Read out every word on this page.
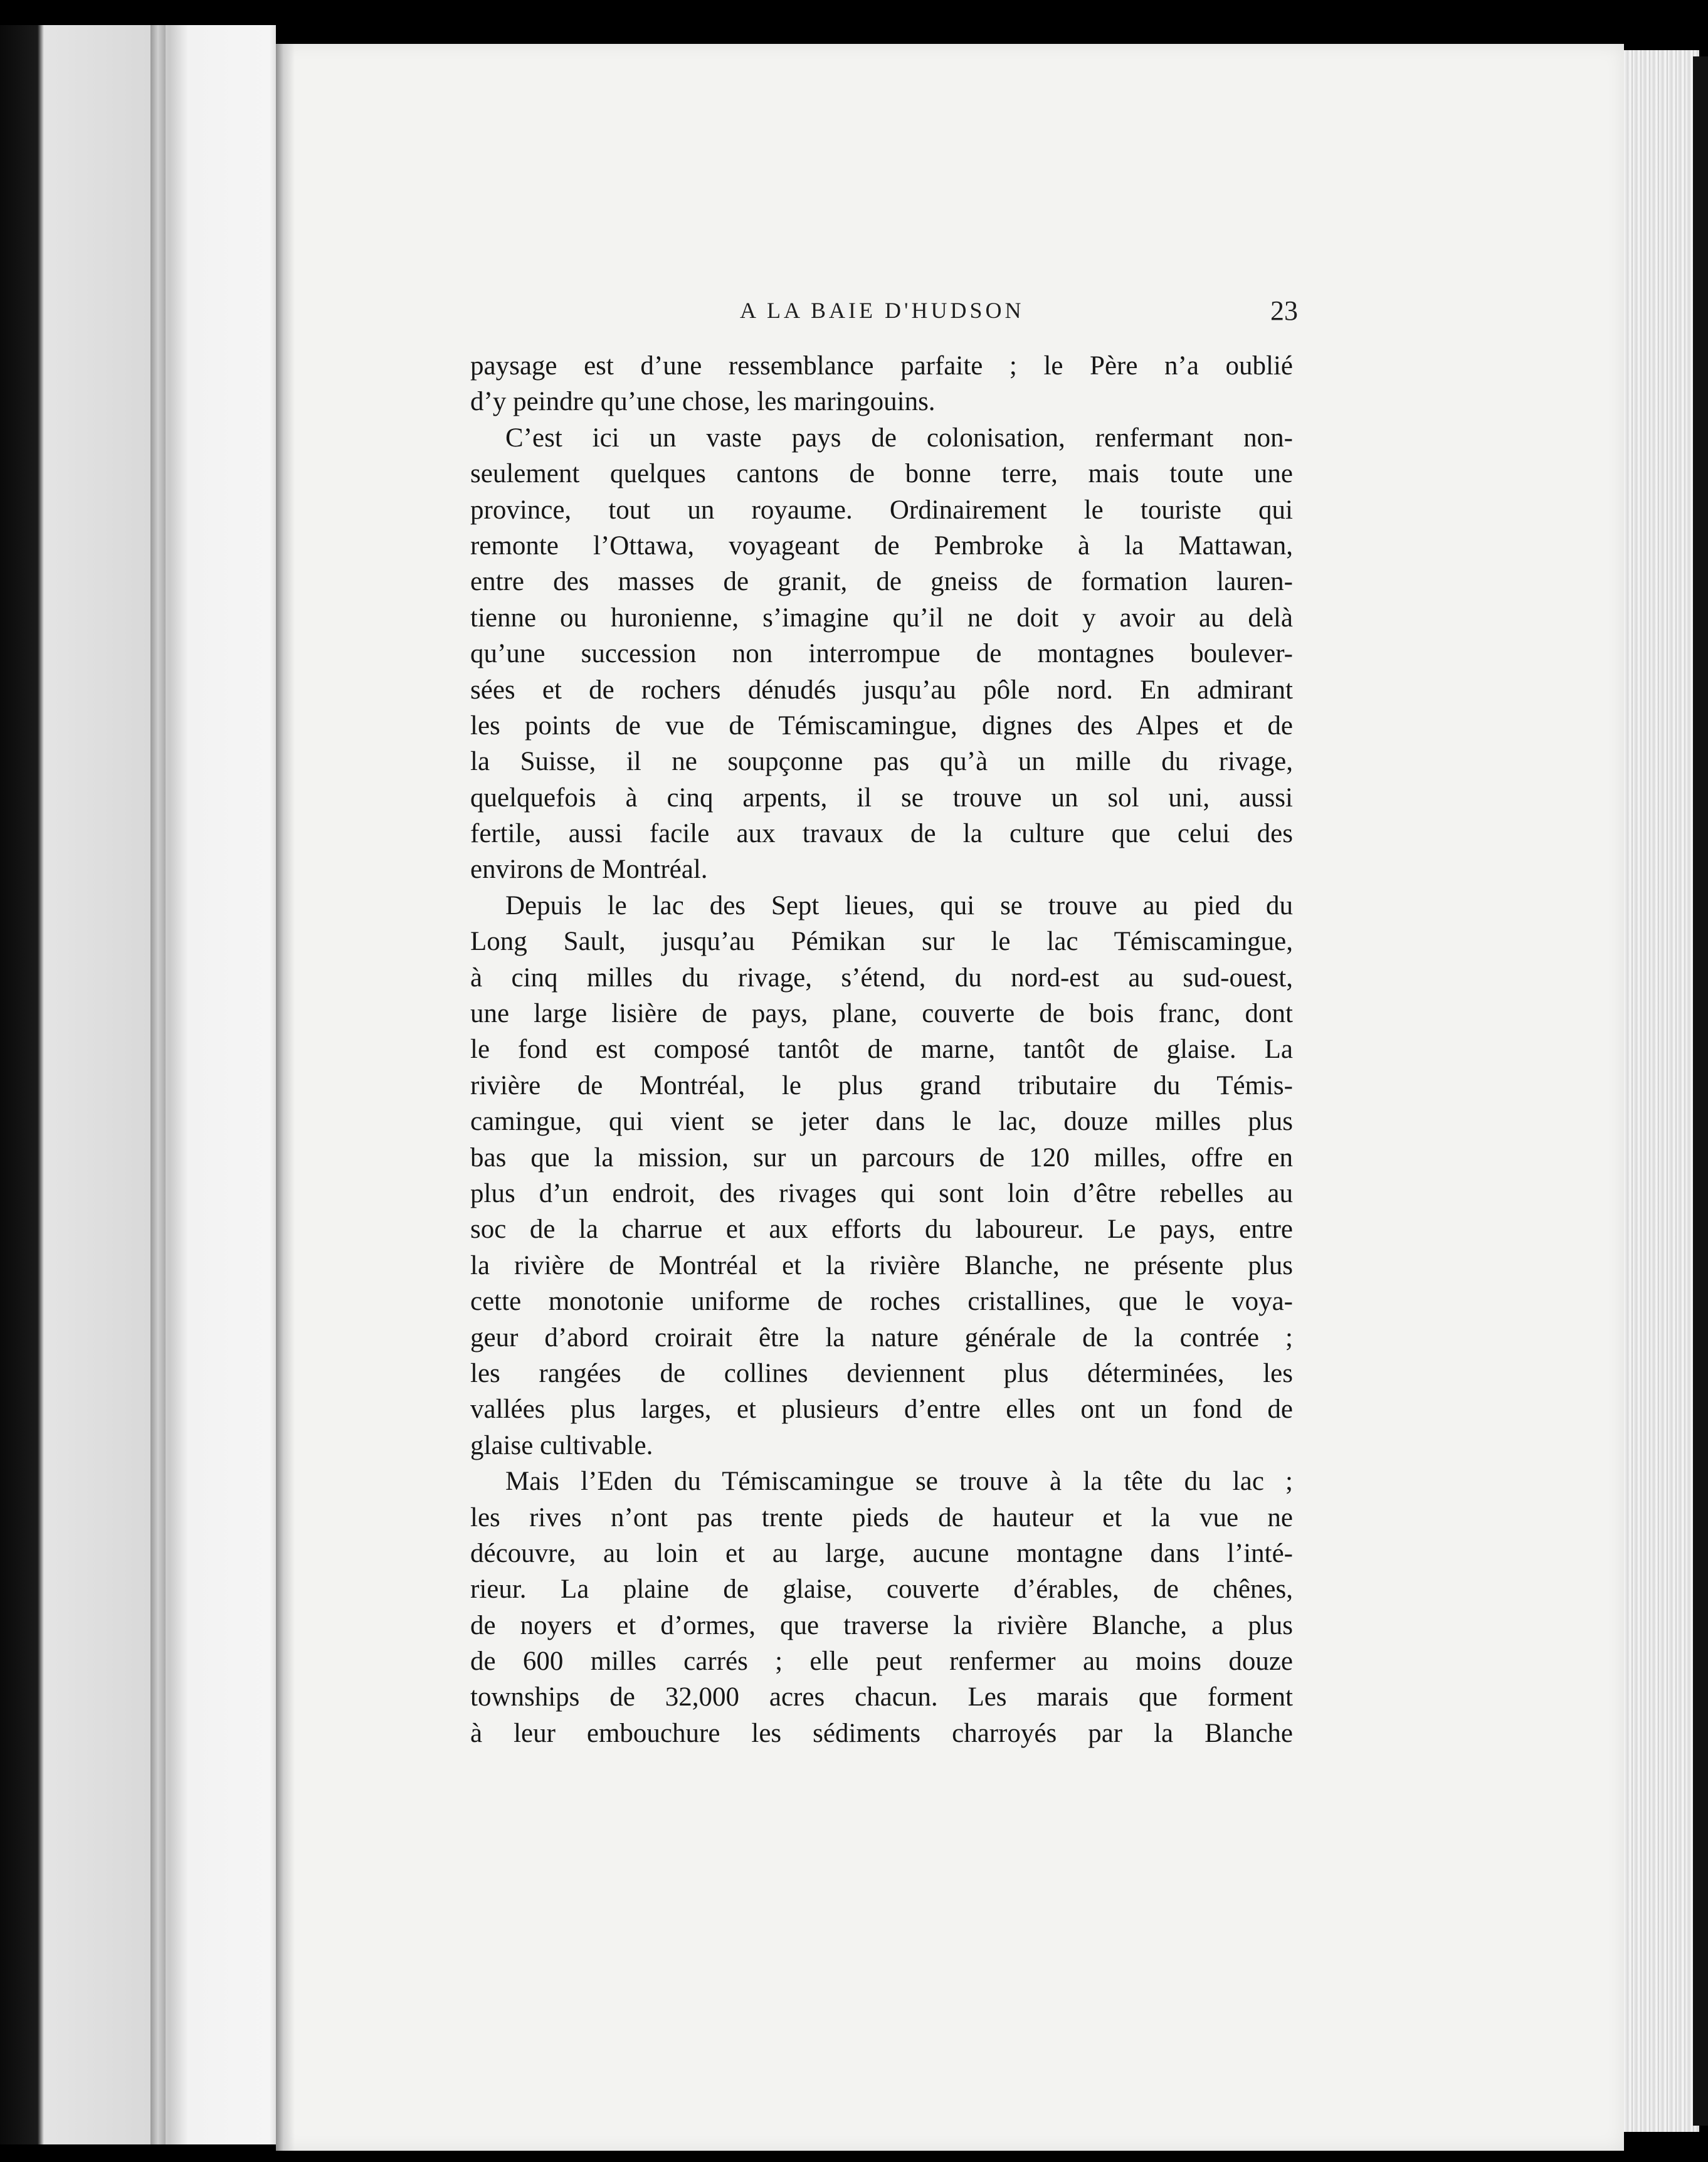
A LA BAIE D'HUDSON	23
paysage est d’une ressemblance parfaite ; le Père n’a oublié
d’y peindre qu’une chose, les maringouins.
C’est ici un vaste pays de colonisation, renfermant non-
seulement quelques cantons de bonne terre, mais toute une
province, tout un royaume. Ordinairement le touriste qui
remonte l’Ottawa, voyageant de Pembroke à la Mattawan,
entre des masses de granit, de gneiss de formation lauren-
tienne ou huronienne, s’imagine qu’il ne doit y avoir au delà
qu’une succession non interrompue de montagnes boulever-
sées et de rochers dénudés jusqu’au pôle nord. En admirant
les points de vue de Témiscamingue, dignes des Alpes et de
la Suisse, il ne soupçonne pas qu’à un mille du rivage,
quelquefois à cinq arpents, il se trouve un sol uni, aussi
fertile, aussi facile aux travaux de la culture que celui des
environs de Montréal.
Depuis le lac des Sept lieues, qui se trouve au pied du
Long Sault, jusqu’au Pémikan sur le lac Témiscamingue,
à cinq milles du rivage, s’étend, du nord-est au sud-ouest,
une large lisière de pays, plane, couverte de bois franc, dont
le fond est composé tantôt de marne, tantôt de glaise. La
rivière de Montréal, le plus grand tributaire du Témis-
camingue, qui vient se jeter dans le lac, douze milles plus
bas que la mission, sur un parcours de 120 milles, offre en
plus d’un endroit, des rivages qui sont loin d’être rebelles au
soc de la charrue et aux efforts du laboureur. Le pays, entre
la rivière de Montréal et la rivière Blanche, ne présente plus
cette monotonie uniforme de roches cristallines, que le voya-
geur d’abord croirait être la nature générale de la contrée ;
les rangées de collines deviennent plus déterminées, les
vallées plus larges, et plusieurs d’entre elles ont un fond de
glaise cultivable.
Mais l’Eden du Témiscamingue se trouve à la tête du lac ;
les rives n’ont pas trente pieds de hauteur et la vue ne
découvre, au loin et au large, aucune montagne dans l’inté-
rieur. La plaine de glaise, couverte d’érables, de chênes,
de noyers et d’ormes, que traverse la rivière Blanche, a plus
de 600 milles carrés ; elle peut renfermer au moins douze
townships de 32,000 acres chacun. Les marais que forment
à leur embouchure les sédiments charroyés par la Blanche
